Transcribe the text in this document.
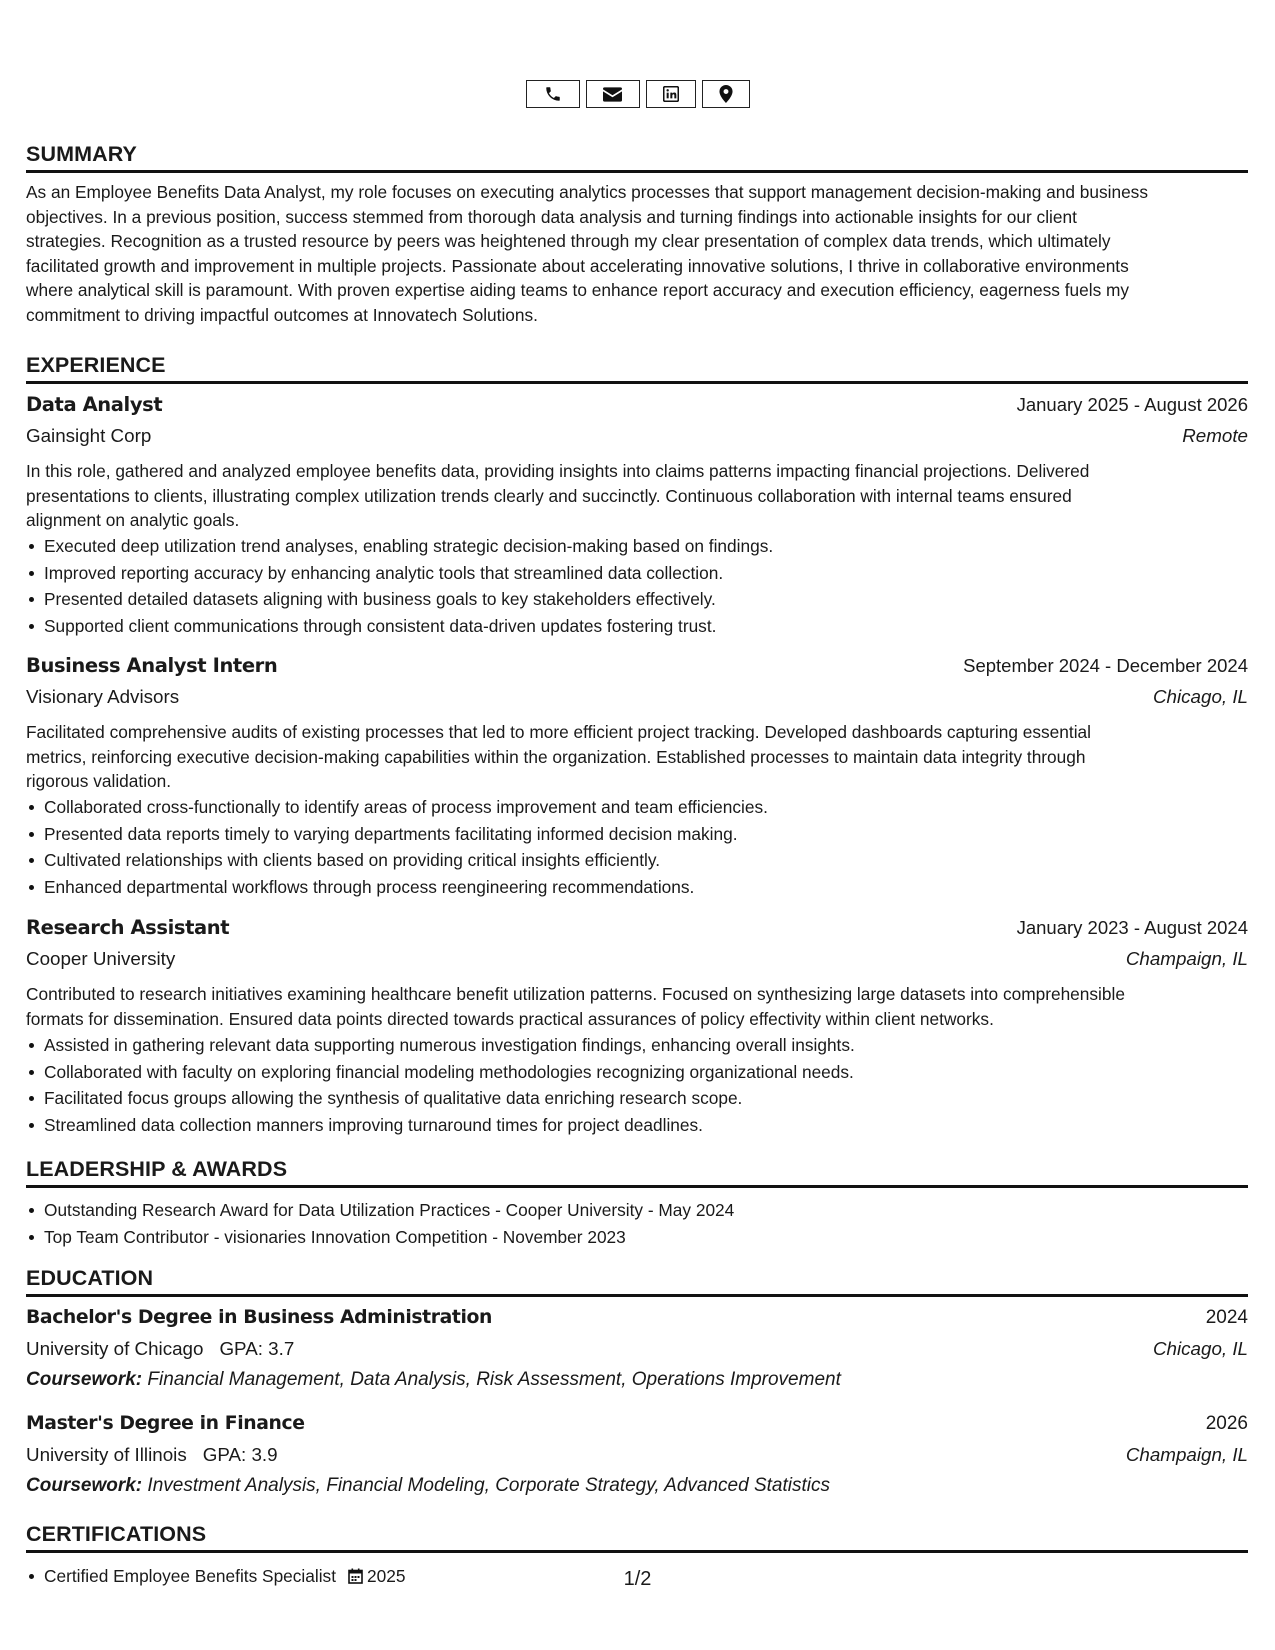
SUMMARY
As an Employee Benefits Data Analyst, my role focuses on executing analytics processes that support management decision-making and business
objectives. In a previous position, success stemmed from thorough data analysis and turning findings into actionable insights for our client
strategies. Recognition as a trusted resource by peers was heightened through my clear presentation of complex data trends, which ultimately
facilitated growth and improvement in multiple projects. Passionate about accelerating innovative solutions, I thrive in collaborative environments
where analytical skill is paramount. With proven expertise aiding teams to enhance report accuracy and execution efficiency, eagerness fuels my
commitment to driving impactful outcomes at Innovatech Solutions.
EXPERIENCE
Data Analyst	January 2025 - August 2026
Gainsight Corp	Remote
In this role, gathered and analyzed employee benefits data, providing insights into claims patterns impacting financial projections. Delivered
presentations to clients, illustrating complex utilization trends clearly and succinctly. Continuous collaboration with internal teams ensured
alignment on analytic goals.
Executed deep utilization trend analyses, enabling strategic decision-making based on findings.
Improved reporting accuracy by enhancing analytic tools that streamlined data collection.
Presented detailed datasets aligning with business goals to key stakeholders effectively.
Supported client communications through consistent data-driven updates fostering trust.
Business Analyst Intern	September 2024 - December 2024
Visionary Advisors	Chicago, IL
Facilitated comprehensive audits of existing processes that led to more efficient project tracking. Developed dashboards capturing essential
metrics, reinforcing executive decision-making capabilities within the organization. Established processes to maintain data integrity through
rigorous validation.
Collaborated cross-functionally to identify areas of process improvement and team efficiencies.
Presented data reports timely to varying departments facilitating informed decision making.
Cultivated relationships with clients based on providing critical insights efficiently.
Enhanced departmental workflows through process reengineering recommendations.
Research Assistant	January 2023 - August 2024
Cooper University	Champaign, IL
Contributed to research initiatives examining healthcare benefit utilization patterns. Focused on synthesizing large datasets into comprehensible
formats for dissemination. Ensured data points directed towards practical assurances of policy effectivity within client networks.
Assisted in gathering relevant data supporting numerous investigation findings, enhancing overall insights.
Collaborated with faculty on exploring financial modeling methodologies recognizing organizational needs.
Facilitated focus groups allowing the synthesis of qualitative data enriching research scope.
Streamlined data collection manners improving turnaround times for project deadlines.
LEADERSHIP & AWARDS
Outstanding Research Award for Data Utilization Practices - Cooper University - May 2024
Top Team Contributor - visionaries Innovation Competition - November 2023
EDUCATION
Bachelor's Degree in Business Administration	2024
University of Chicago GPA: 3.7	Chicago, IL
Coursework: Financial Management, Data Analysis, Risk Assessment, Operations Improvement
Master's Degree in Finance	2026
University of Illinois GPA: 3.9	Champaign, IL
Coursework: Investment Analysis, Financial Modeling, Corporate Strategy, Advanced Statistics
CERTIFICATIONS
Certified Employee Benefits Specialist 2025	1/2
